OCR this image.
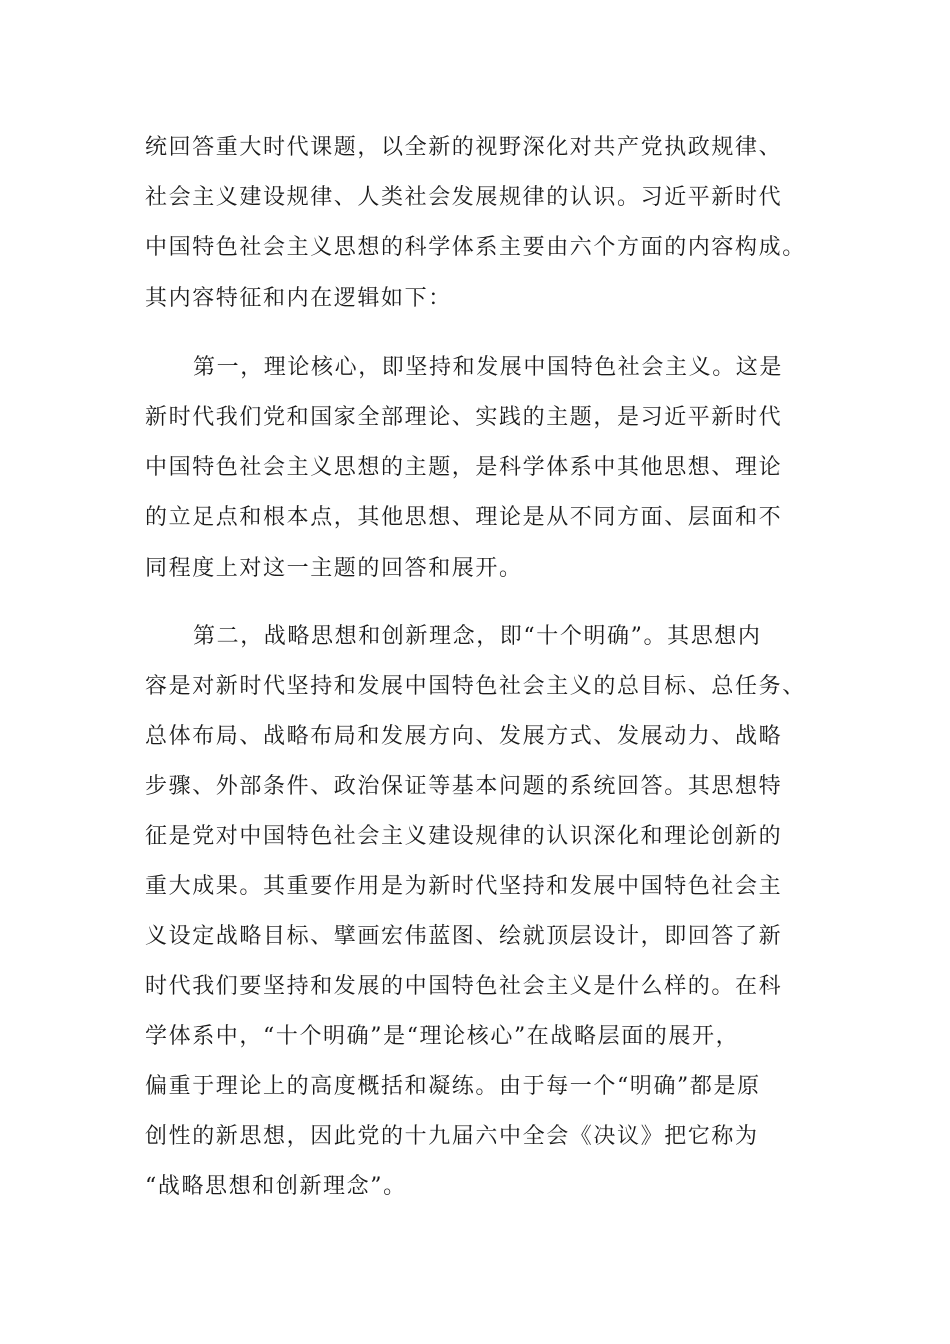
统回答重大时代课题，以全新的视野深化对共产党执政规律、
社会主义建设规律、人类社会发展规律的认识。习近平新时代
中国特色社会主义思想的科学体系主要由六个方面的内容构成。
其内容特征和内在逻辑如下：
第一，理论核心，即坚持和发展中国特色社会主义。这是
新时代我们党和国家全部理论、实践的主题，是习近平新时代
中国特色社会主义思想的主题，是科学体系中其他思想、理论
的立足点和根本点，其他思想、理论是从不同方面、层面和不
同程度上对这一主题的回答和展开。
第二，战略思想和创新理念，即“十个明确”。其思想内
容是对新时代坚持和发展中国特色社会主义的总目标、总任务、
总体布局、战略布局和发展方向、发展方式、发展动力、战略
步骤、外部条件、政治保证等基本问题的系统回答。其思想特
征是党对中国特色社会主义建设规律的认识深化和理论创新的
重大成果。其重要作用是为新时代坚持和发展中国特色社会主
义设定战略目标、擘画宏伟蓝图、绘就顶层设计，即回答了新
时代我们要坚持和发展的中国特色社会主义是什么样的。在科
学体系中，“十个明确”是“理论核心”在战略层面的展开，
偏重于理论上的高度概括和凝练。由于每一个“明确”都是原
创性的新思想，因此党的十九届六中全会《决议》把它称为
“战略思想和创新理念”。
